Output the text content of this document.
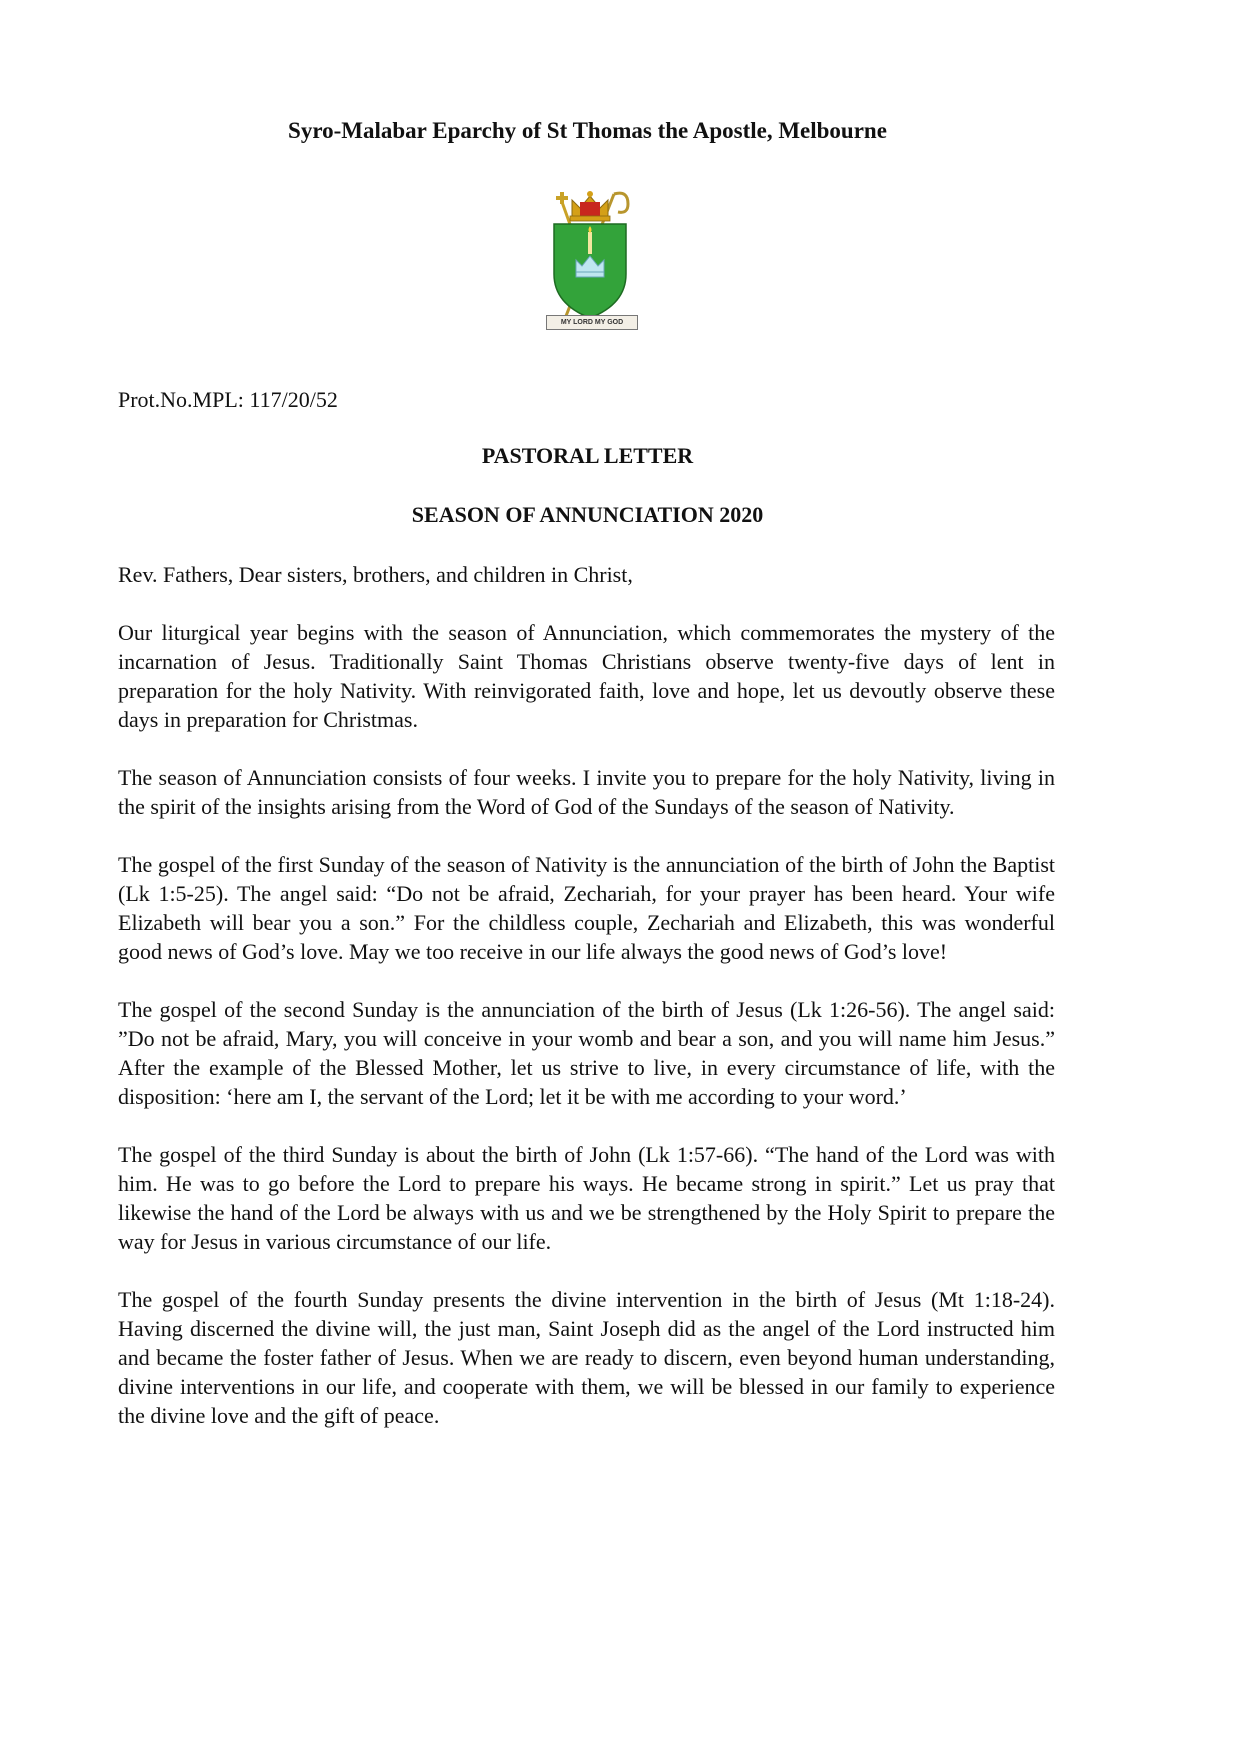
Syro-Malabar Eparchy of St Thomas the Apostle, Melbourne
MY LORD MY GOD
Prot.No.MPL: 117/20/52
PASTORAL LETTER
SEASON OF ANNUNCIATION 2020

Rev. Fathers, Dear sisters, brothers, and children in Christ,

Our liturgical year begins with the season of Annunciation, which commemorates the mystery of the incarnation of Jesus. Traditionally Saint Thomas Christians observe twenty-five days of lent in preparation for the holy Nativity. With reinvigorated faith, love and hope, let us devoutly observe these days in preparation for Christmas.

The season of Annunciation consists of four weeks. I invite you to prepare for the holy Nativity, living in the spirit of the insights arising from the Word of God of the Sundays of the season of Nativity.

The gospel of the first Sunday of the season of Nativity is the annunciation of the birth of John the Baptist (Lk 1:5-25). The angel said: “Do not be afraid, Zechariah, for your prayer has been heard. Your wife Elizabeth will bear you a son.” For the childless couple, Zechariah and Elizabeth, this was wonderful good news of God’s love. May we too receive in our life always the good news of God’s love!

The gospel of the second Sunday is the annunciation of the birth of Jesus (Lk 1:26-56). The angel said: ”Do not be afraid, Mary, you will conceive in your womb and bear a son, and you will name him Jesus.” After the example of the Blessed Mother, let us strive to live, in every circumstance of life, with the disposition: ‘here am I, the servant of the Lord; let it be with me according to your word.’

The gospel of the third Sunday is about the birth of John (Lk 1:57-66). “The hand of the Lord was with him. He was to go before the Lord to prepare his ways. He became strong in spirit.” Let us pray that likewise the hand of the Lord be always with us and we be strengthened by the Holy Spirit to prepare the way for Jesus in various circumstance of our life.

The gospel of the fourth Sunday presents the divine intervention in the birth of Jesus (Mt 1:18-24). Having discerned the divine will, the just man, Saint Joseph did as the angel of the Lord instructed him and became the foster father of Jesus. When we are ready to discern, even beyond human understanding, divine interventions in our life, and cooperate with them, we will be blessed in our family to experience the divine love and the gift of peace.
